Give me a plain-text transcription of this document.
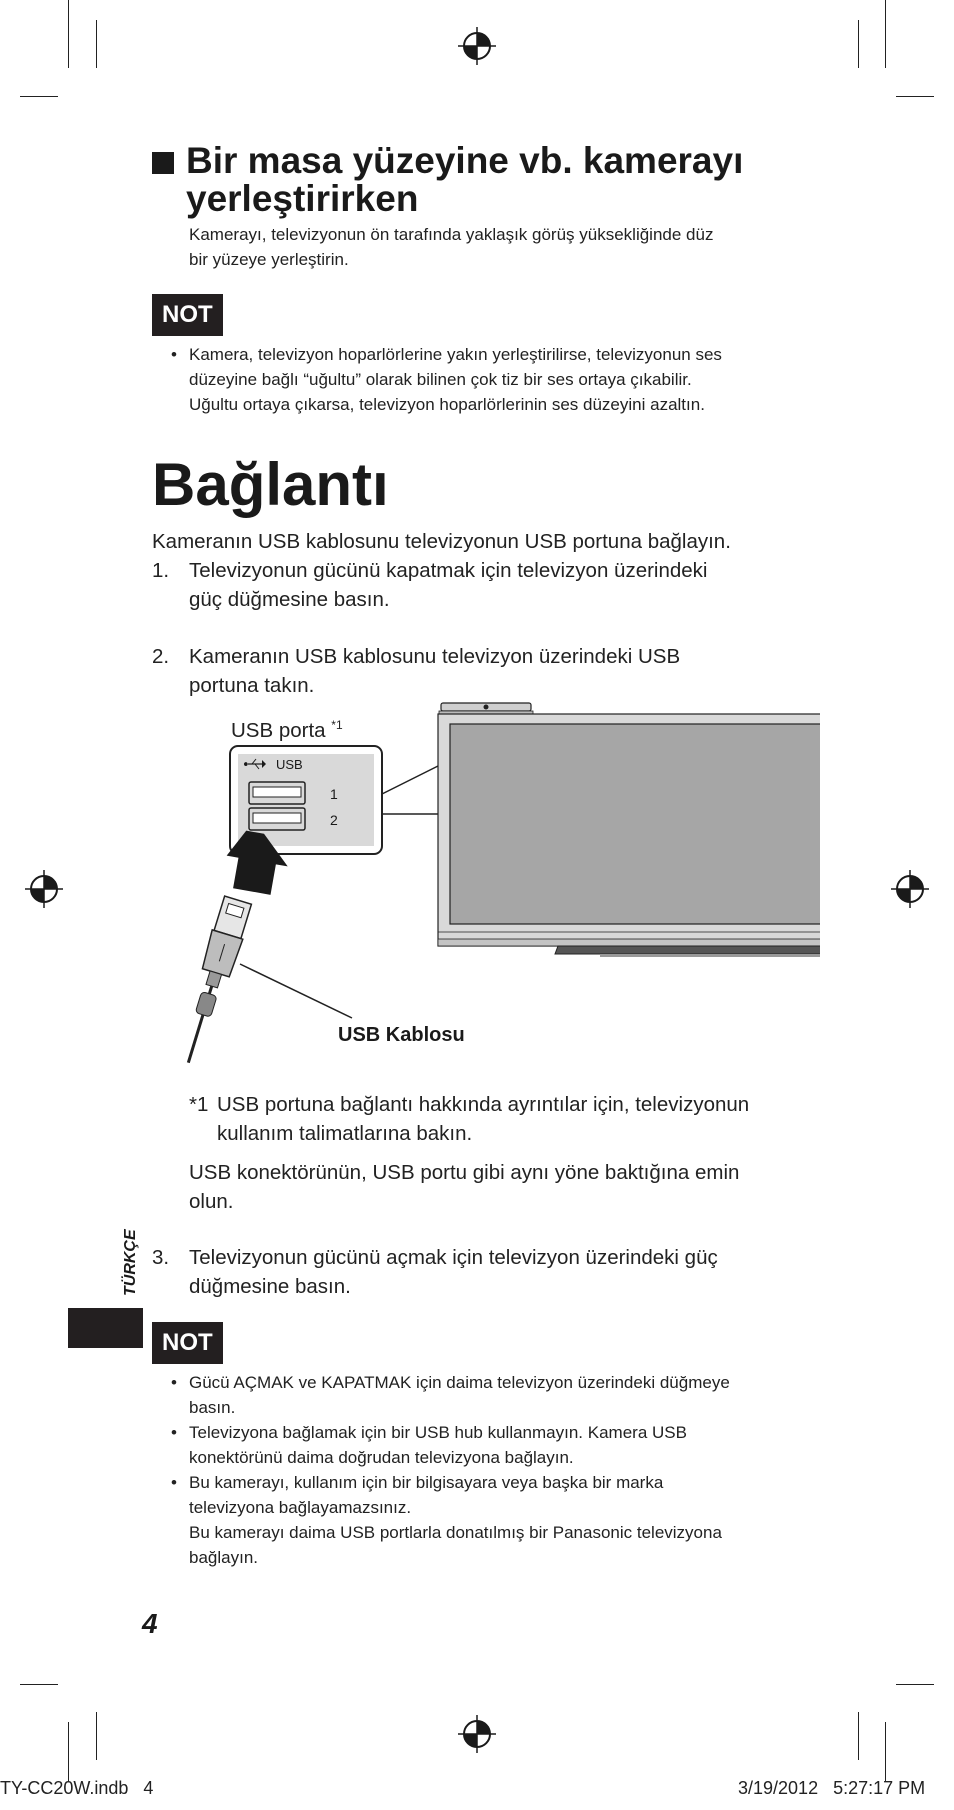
Bir masa yüzeyine vb. kamerayı
yerleştirirken
Kamerayı, televizyonun ön tarafında yaklaşık görüş yüksekliğinde düz
bir yüzeye yerleştirin.
NOT
• Kamera, televizyon hoparlörlerine yakın yerleştirilirse, televizyonun ses
düzeyine bağlı “uğultu” olarak bilinen çok tiz bir ses ortaya çıkabilir.
Uğultu ortaya çıkarsa, televizyon hoparlörlerinin ses düzeyini azaltın.
Bağlantı
Kameranın USB kablosunu televizyonun USB portuna bağlayın.
1. Televizyonun gücünü kapatmak için televizyon üzerindeki
güç düğmesine basın.
2. Kameranın USB kablosunu televizyon üzerindeki USB
portuna takın.
USB porta $^{*1}$
• USB
1
2
USB Kablosu
*1 USB portuna bağlantı hakkında ayrıntılar için, televizyonun
kullanım talimatlarına bakın.
USB konektörünün, USB portu gibi aynı yöne baktığına emin
olun.
TÜRKÇE 3. Televizyonun gücünü açmak için televizyon üzerindeki güç
düğmesine basın.
NOT
• Gücü AÇMAK ve KAPATMAK için daima televizyon üzerindeki düğmeye
basın.
• Televizyona bağlamak için bir USB hub kullanmayın. Kamera USB
konektörünü daima doğrudan televizyona bağlayın.
• Bu kamerayı, kullanım için bir bilgisayara veya başka bir marka
televizyona bağlayamazsınız.
Bu kamerayı daima USB portlarla donatılmış bir Panasonic televizyona
bağlayın.
4
TY-CC20W.indb   4	3/19/2012   5:27:17 PM
